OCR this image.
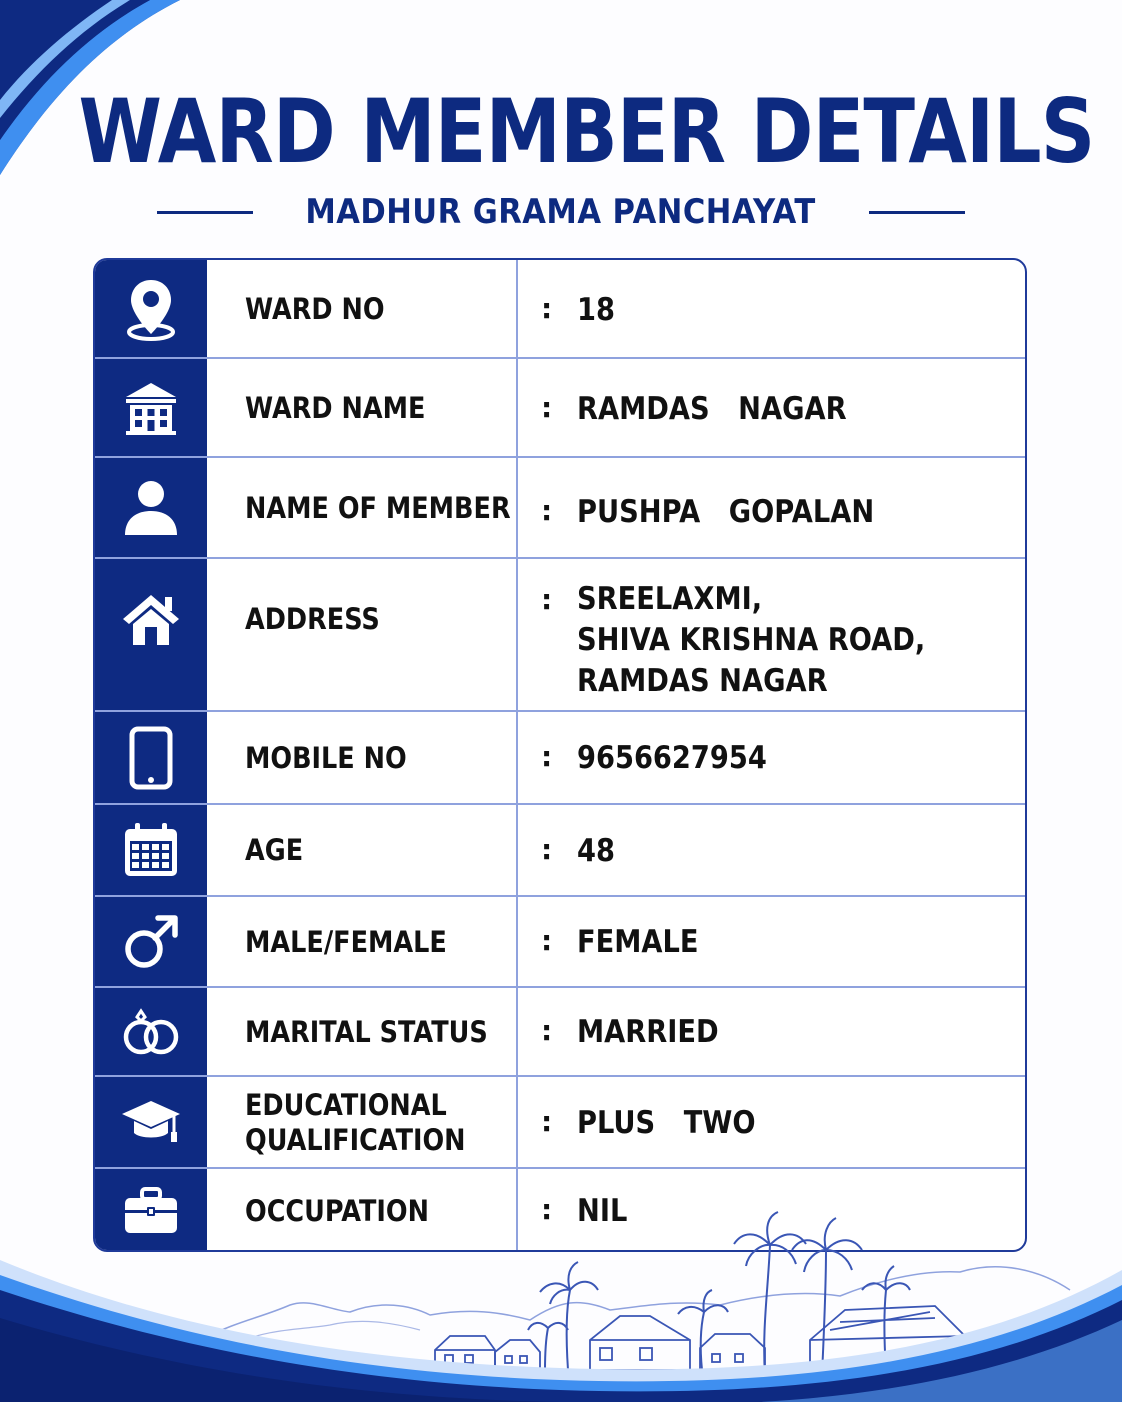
WARD MEMBER DETAILS
MADHUR GRAMA PANCHAYAT
WARD NO	: 18
WARD NAME	: RAMDAS   NAGAR
NAME OF MEMBER : PUSHPA   GOPALAN
ADDRESS
: SREELAXMI,
SHIVA KRISHNA ROAD,
RAMDAS NAGAR
MOBILE NO	: 9656627954
AGE	: 48
MALE/FEMALE	: FEMALE
MARITAL STATUS : MARRIED
EDUCATIONAL
QUALIFICATION
: PLUS   TWO
OCCUPATION	: NIL
